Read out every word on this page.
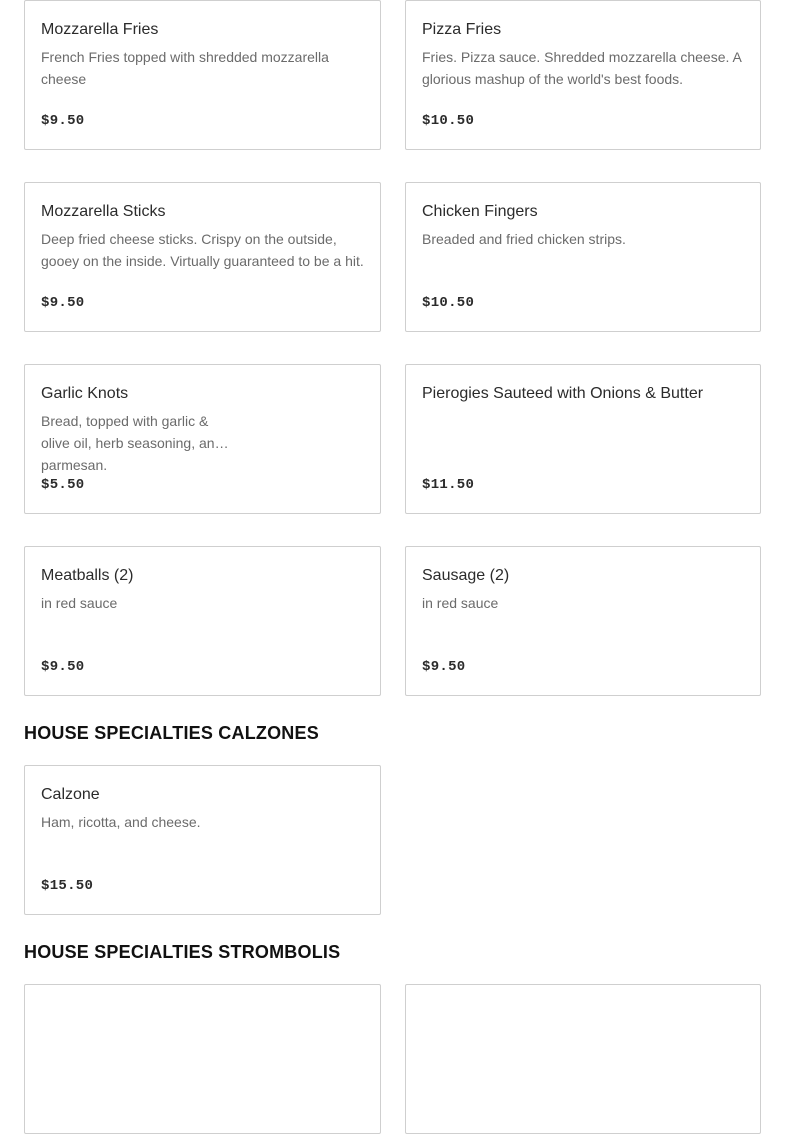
Mozzarella Fries
French Fries topped with shredded mozzarella cheese
$9.50
Pizza Fries
Fries. Pizza sauce. Shredded mozzarella cheese. A glorious mashup of the world's best foods.
$10.50
Mozzarella Sticks
Deep fried cheese sticks. Crispy on the outside, gooey on the inside. Virtually guaranteed to be a hit.
$9.50
Chicken Fingers
Breaded and fried chicken strips.
$10.50
Garlic Knots
Bread, topped with garlic & olive oil, herb seasoning, and parmesan.
$5.50
Pierogies Sauteed with Onions & Butter
$11.50
Meatballs (2)
in red sauce
$9.50
Sausage (2)
in red sauce
$9.50
HOUSE SPECIALTIES CALZONES
Calzone
Ham, ricotta, and cheese.
$15.50
HOUSE SPECIALTIES STROMBOLIS
